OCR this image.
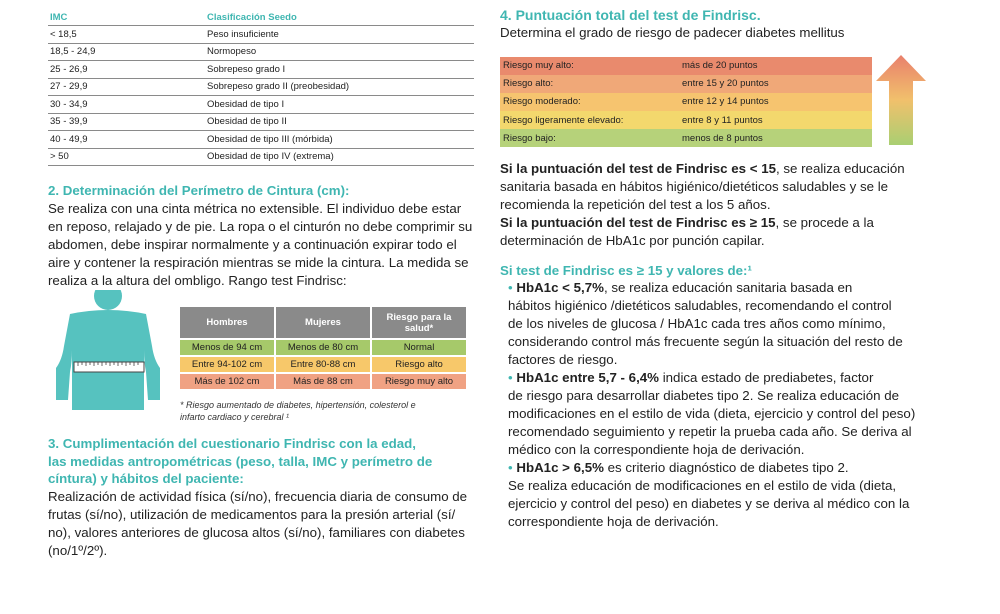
IMC	Clasificación Seedo
< 18,5	Peso insuficiente
18,5 - 24,9	Normopeso
25 - 26,9	Sobrepeso grado I
27 - 29,9	Sobrepeso grado II (preobesidad)
30 - 34,9	Obesidad de tipo I
35 - 39,9	Obesidad de tipo II
40 - 49,9	Obesidad de tipo III (mórbida)
> 50	Obesidad de tipo IV (extrema)
2. Determinación del Perímetro de Cintura (cm):
Se realiza con una cinta métrica no extensible. El individuo debe estar
en reposo, relajado y de pie. La ropa o el cinturón no debe comprimir su
abdomen, debe inspirar normalmente y a continuación expirar todo el
aire y contener la respiración mientras se mide la cintura. La medida se
realiza a la altura del ombligo. Rango test Findrisc:
Hombres	Mujeres	Riesgo para la salud*
Menos de 94 cm	Menos de 80 cm	Normal
Entre 94-102 cm	Entre 80-88 cm	Riesgo alto
Más de 102 cm	Más de 88 cm	Riesgo muy alto
* Riesgo aumentado de diabetes, hipertensión, colesterol e
infarto cardiaco y cerebral ¹
3. Cumplimentación del cuestionario Findrisc con la edad,
las medidas antropométricas (peso, talla, IMC y perímetro de
cíntura) y hábitos del paciente:
Realización de actividad física (sí/no), frecuencia diaria de consumo de
frutas (sí/no), utilización de medicamentos para la presión arterial (sí/
no), valores anteriores de glucosa altos (sí/no), familiares con diabetes
(no/1º/2º).
4. Puntuación total del test de Findrisc.
Determina el grado de riesgo de padecer diabetes mellitus
Riesgo muy alto:	más de 20 puntos
Riesgo alto:	entre 15 y 20 puntos
Riesgo moderado:	entre 12 y 14 puntos
Riesgo ligeramente elevado:	entre 8 y 11 puntos
Riesgo bajo:	menos de 8 puntos
Si la puntuación del test de Findrisc es < 15, se realiza educación
sanitaria basada en hábitos higiénico/dietéticos saludables y se le
recomienda la repetición del test a los 5 años.
Si la puntuación del test de Findrisc es ≥ 15, se procede a la
determinación de HbA1c por punción capilar.
Si test de Findrisc es ≥ 15 y valores de:¹
• HbA1c < 5,7%, se realiza educación sanitaria basada en
hábitos higiénico /dietéticos saludables, recomendando el control
de los niveles de glucosa / HbA1c cada tres años como mínimo,
considerando control más frecuente según la situación del resto de
factores de riesgo.
• HbA1c entre 5,7 - 6,4% indica estado de prediabetes, factor
de riesgo para desarrollar diabetes tipo 2. Se realiza educación de
modificaciones en el estilo de vida (dieta, ejercicio y control del peso)
recomendado seguimiento y repetir la prueba cada año. Se deriva al
médico con la correspondiente hoja de derivación.
• HbA1c > 6,5% es criterio diagnóstico de diabetes tipo 2.
Se realiza educación de modificaciones en el estilo de vida (dieta,
ejercicio y control del peso) en diabetes y se deriva al médico con la
correspondiente hoja de derivación.
